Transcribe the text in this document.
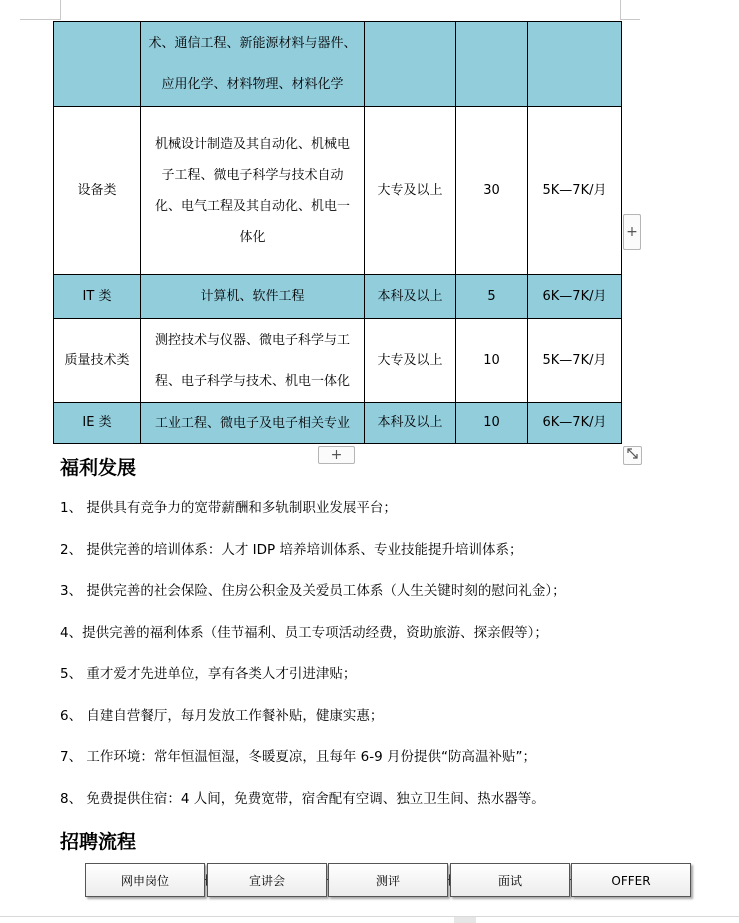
	术、通信工程、新能源材料与器件、
应用化学、材料物理、材料化学			

设备类	机械设计制造及其自动化、机械电
子工程、微电子科学与技术自动
化、电气工程及其自动化、机电一
体化	大专及以上	30	5K—7K/月
IT 类	计算机、软件工程	本科及以上	5	6K—7K/月
质量技术类	测控技术与仪器、微电子科学与工
程、电子科学与技术、机电一体化	大专及以上	10	5K—7K/月
IE 类	工业工程、微电子及电子相关专业	本科及以上	10	6K—7K/月
+
+
福利发展
1、 提供具有竞争力的宽带薪酬和多轨制职业发展平台；
2、 提供完善的培训体系：人才 IDP 培养培训体系、专业技能提升培训体系；
3、 提供完善的社会保险、住房公积金及关爱员工体系（人生关键时刻的慰问礼金）；
4、提供完善的福利体系（佳节福利、员工专项活动经费，资助旅游、探亲假等）；
5、 重才爱才先进单位，享有各类人才引进津贴；
6、 自建自营餐厅，每月发放工作餐补贴，健康实惠；
7、 工作环境：常年恒温恒湿，冬暖夏凉，且每年 6-9 月份提供“防高温补贴”；
8、 免费提供住宿：4 人间，免费宽带，宿舍配有空调、独立卫生间、热水器等。
招聘流程
网申岗位	宣讲会	测评	面试	OFFER
